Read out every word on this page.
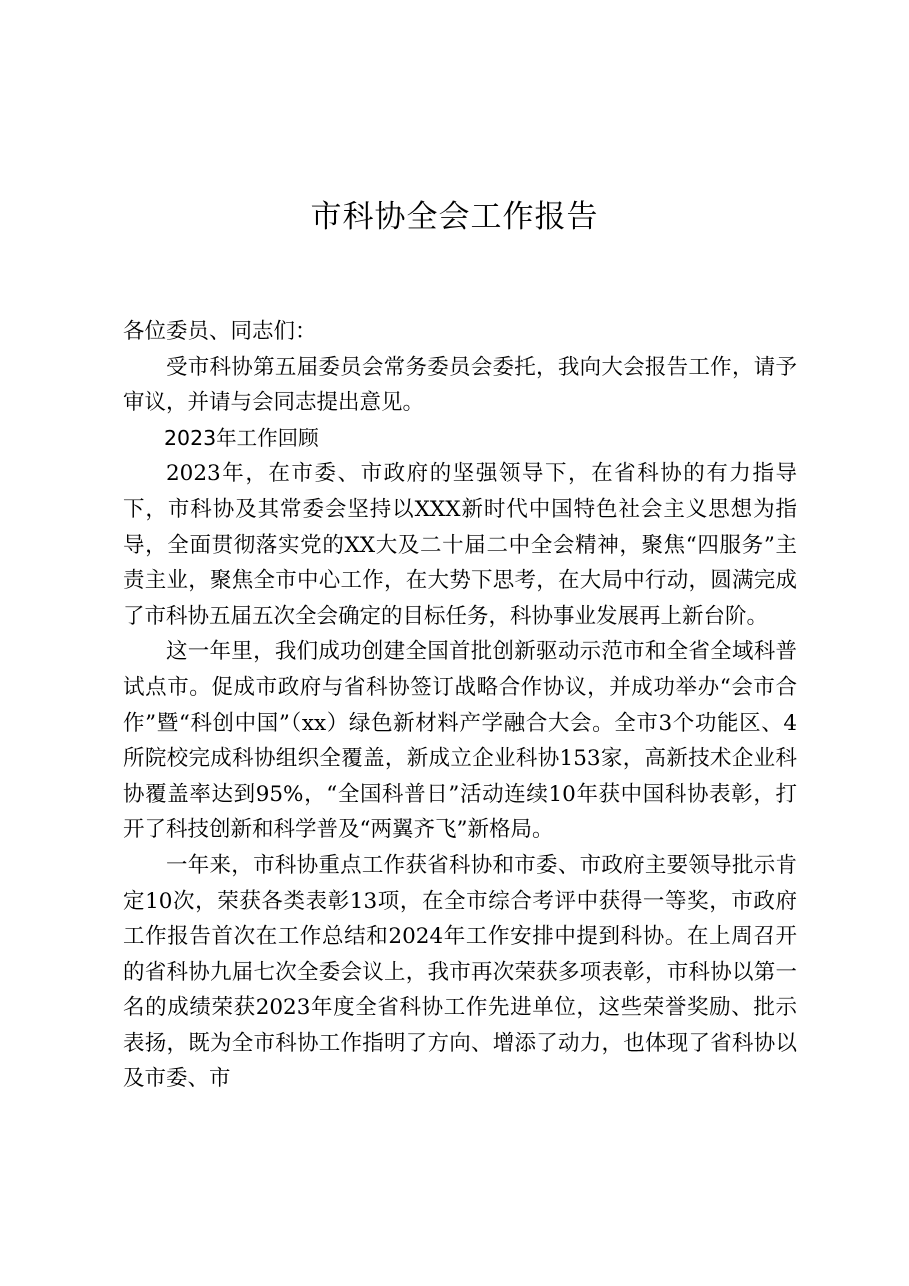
市科协全会工作报告

各位委员、同志们：

受市科协第五届委员会常务委员会委托，我向大会报告工作，请予审议，并请与会同志提出意见。

2023年工作回顾

2023年，在市委、市政府的坚强领导下，在省科协的有力指导下，市科协及其常委会坚持以XXX新时代中国特色社会主义思想为指导，全面贯彻落实党的XX大及二十届二中全会精神，聚焦“四服务”主责主业，聚焦全市中心工作，在大势下思考，在大局中行动，圆满完成了市科协五届五次全会确定的目标任务，科协事业发展再上新台阶。

这一年里，我们成功创建全国首批创新驱动示范市和全省全域科普试点市。促成市政府与省科协签订战略合作协议，并成功举办“会市合作”暨“科创中国”（xx）绿色新材料产学融合大会。全市3个功能区、4所院校完成科协组织全覆盖，新成立企业科协153家，高新技术企业科协覆盖率达到95%，“全国科普日”活动连续10年获中国科协表彰，打开了科技创新和科学普及“两翼齐飞”新格局。

一年来，市科协重点工作获省科协和市委、市政府主要领导批示肯定10次，荣获各类表彰13项，在全市综合考评中获得一等奖，市政府工作报告首次在工作总结和2024年工作安排中提到科协。在上周召开的省科协九届七次全委会议上，我市再次荣获多项表彰，市科协以第一名的成绩荣获2023年度全省科协工作先进单位，这些荣誉奖励、批示表扬，既为全市科协工作指明了方向、增添了动力，也体现了省科协以及市委、市
